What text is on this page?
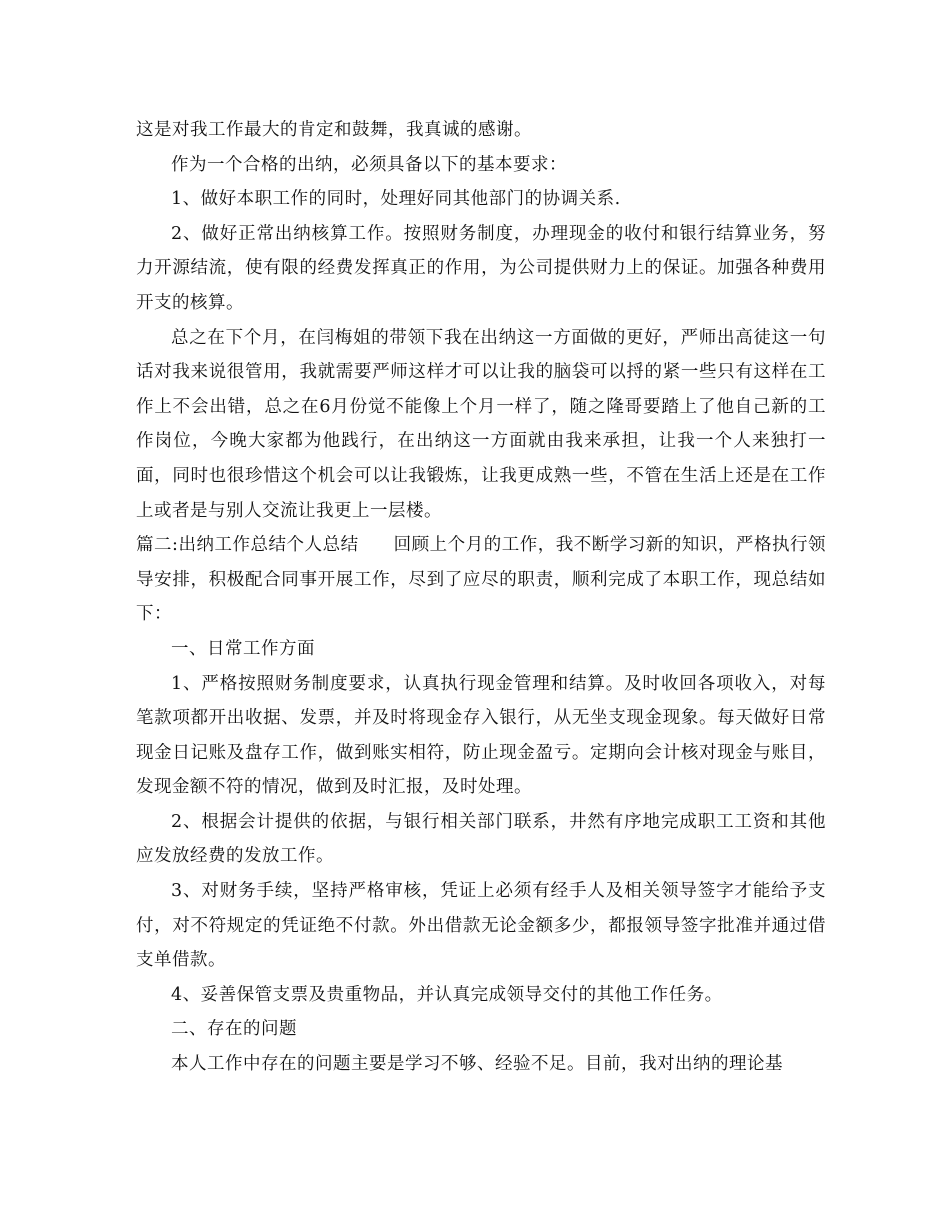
这是对我工作最大的肯定和鼓舞，我真诚的感谢。

作为一个合格的出纳，必须具备以下的基本要求：

1、做好本职工作的同时，处理好同其他部门的协调关系.

2、做好正常出纳核算工作。按照财务制度，办理现金的收付和银行结算业务，努力开源结流，使有限的经费发挥真正的作用，为公司提供财力上的保证。加强各种费用开支的核算。

总之在下个月，在闫梅姐的带领下我在出纳这一方面做的更好，严师出高徒这一句话对我来说很管用，我就需要严师这样才可以让我的脑袋可以捋的紧一些只有这样在工作上不会出错，总之在6月份觉不能像上个月一样了，随之隆哥要踏上了他自己新的工作岗位，今晚大家都为他践行，在出纳这一方面就由我来承担，让我一个人来独打一面，同时也很珍惜这个机会可以让我锻炼，让我更成熟一些，不管在生活上还是在工作上或者是与别人交流让我更上一层楼。

篇二:出纳工作总结个人总结 回顾上个月的工作，我不断学习新的知识，严格执行领导安排，积极配合同事开展工作，尽到了应尽的职责，顺利完成了本职工作，现总结如下：

一、日常工作方面

1、严格按照财务制度要求，认真执行现金管理和结算。及时收回各项收入，对每笔款项都开出收据、发票，并及时将现金存入银行，从无坐支现金现象。每天做好日常现金日记账及盘存工作，做到账实相符，防止现金盈亏。定期向会计核对现金与账目，发现金额不符的情况，做到及时汇报，及时处理。

2、根据会计提供的依据，与银行相关部门联系，井然有序地完成职工工资和其他应发放经费的发放工作。

3、对财务手续，坚持严格审核，凭证上必须有经手人及相关领导签字才能给予支付，对不符规定的凭证绝不付款。外出借款无论金额多少，都报领导签字批准并通过借支单借款。

4、妥善保管支票及贵重物品，并认真完成领导交付的其他工作任务。

二、存在的问题

本人工作中存在的问题主要是学习不够、经验不足。目前，我对出纳的理论基
